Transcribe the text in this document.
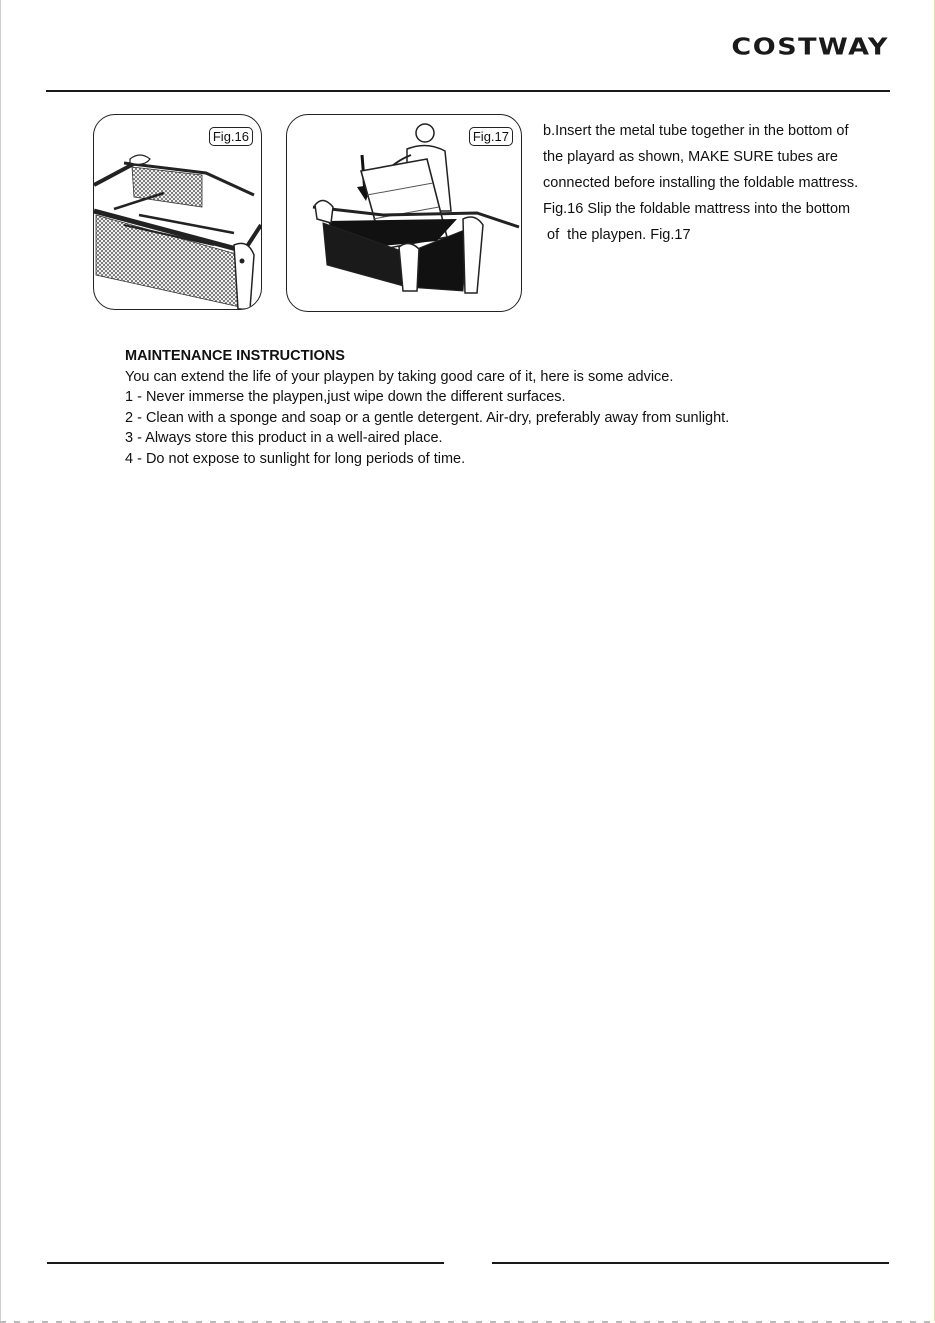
COSTWAY
Fig.16	Fig.17 b.Insert the metal tube together in the bottom of
the playard as shown, MAKE SURE tubes are
connected before installing the foldable mattress.
Fig.16 Slip the foldable mattress into the bottom
of  the playpen. Fig.17

MAINTENANCE INSTRUCTIONS

You can extend the life of your playpen by taking good care of it, here is some advice.

1 - Never immerse the playpen,just wipe down the different surfaces.
2 - Clean with a sponge and soap or a gentle detergent. Air-dry, preferably away from sunlight.
3 - Always store this product in a well-aired place.
4 - Do not expose to sunlight for long periods of time.
